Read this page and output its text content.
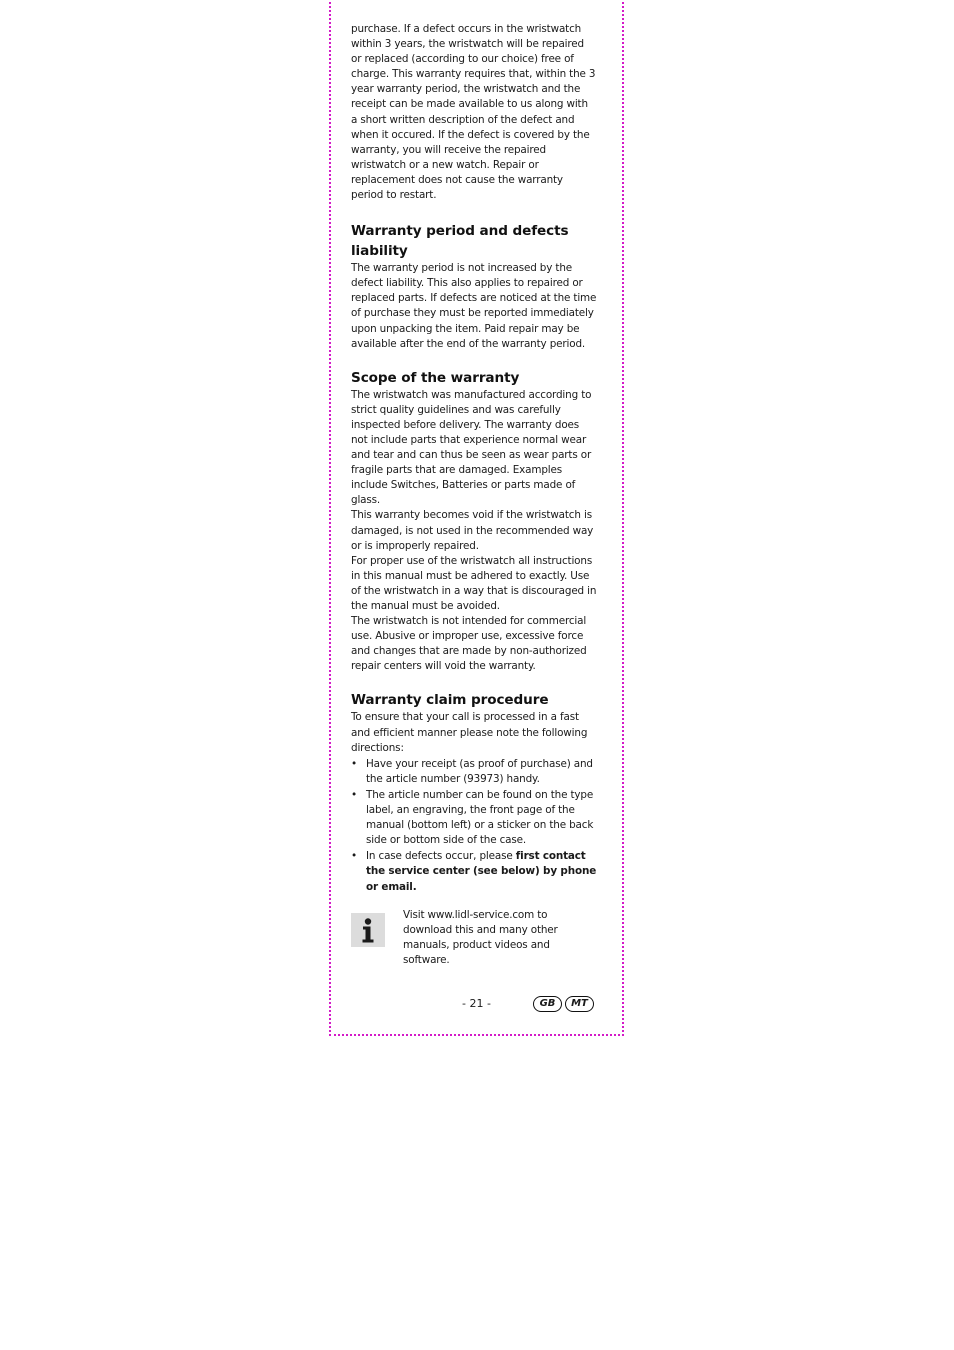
purchase. If a defect occurs in the wristwatch within 3 years, the wristwatch will be repaired or replaced (according to our choice) free of charge. This warranty requires that, within the 3 year warranty period, the wristwatch and the receipt can be made available to us along with a short written description of the defect and when it occured. If the defect is covered by the warranty, you will receive the repaired wristwatch or a new watch. Repair or replacement does not cause the warranty period to restart.

Warranty period and defects liability

The warranty period is not increased by the defect liability. This also applies to repaired or replaced parts. If defects are noticed at the time of purchase they must be reported immediately upon unpacking the item. Paid repair may be available after the end of the warranty period.

Scope of the warranty

The wristwatch was manufactured according to strict quality guidelines and was carefully inspected before delivery. The warranty does not include parts that experience normal wear and tear and can thus be seen as wear parts or fragile parts that are damaged. Examples include Switches, Batteries or parts made of glass.

This warranty becomes void if the wristwatch is damaged, is not used in the recommended way or is improperly repaired.

For proper use of the wristwatch all instructions in this manual must be adhered to exactly. Use of the wristwatch in a way that is discouraged in the manual must be avoided.

The wristwatch is not intended for commercial use. Abusive or improper use, excessive force and changes that are made by non-authorized repair centers will void the warranty.

Warranty claim procedure

To ensure that your call is processed in a fast and efficient manner please note the following directions:

• Have your receipt (as proof of purchase) and the article number (93973) handy.
• The article number can be found on the type label, an engraving, the front page of the manual (bottom left) or a sticker on the back side or bottom side of the case.
• In case defects occur, please first contact the service center (see below) by phone or email.

Visit www.lidl-service.com to download this and many other manuals, product videos and software.

- 21 -	GB	MT
